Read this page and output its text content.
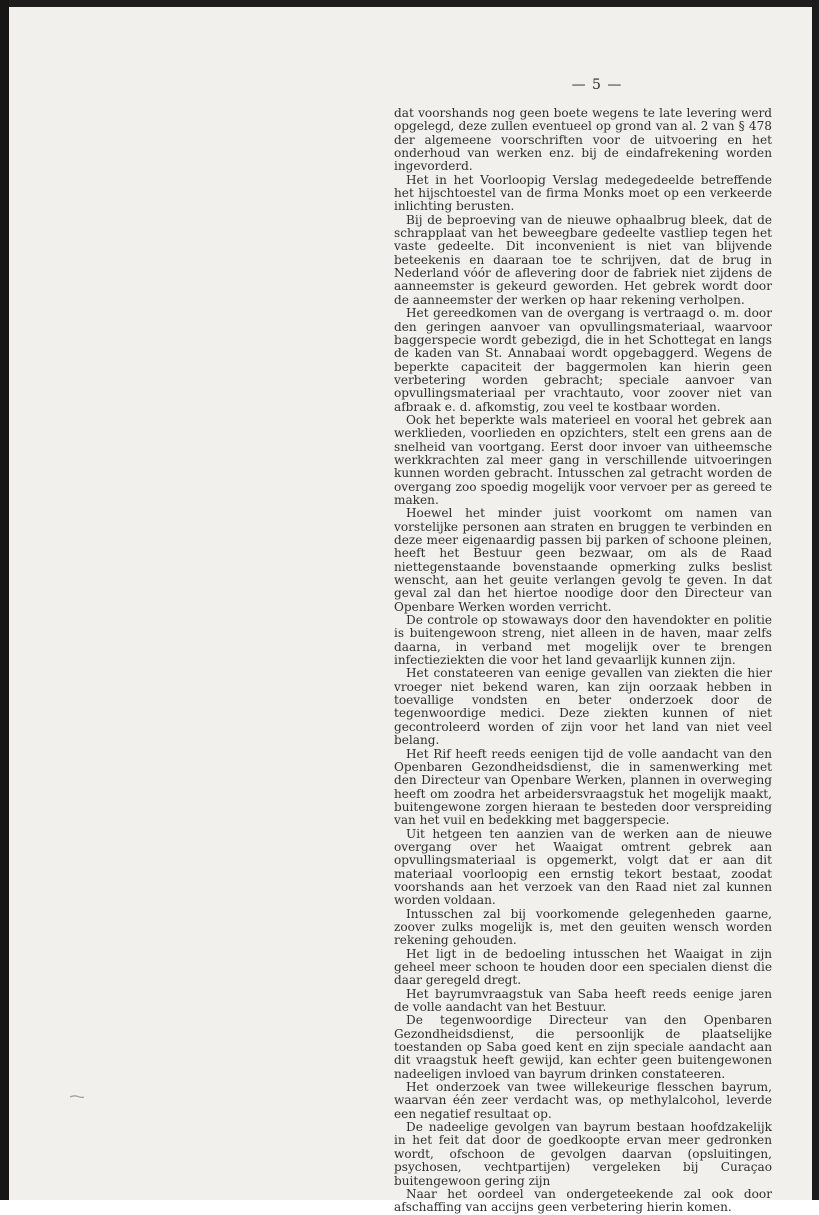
— 5 —

dat voorshands nog geen boete wegens te late levering werd opgelegd, deze zullen eventueel op grond van al. 2 van § 478 der algemeene voorschriften voor de uitvoering en het onderhoud van werken enz. bij de eindafrekening worden ingevorderd.

Het in het Voorloopig Verslag medegedeelde betreffende het hijschtoestel van de firma Monks moet op een verkeerde inlichting berusten.

Bij de beproeving van de nieuwe ophaalbrug bleek, dat de schrapplaat van het beweegbare gedeelte vastliep tegen het vaste gedeelte. Dit inconvenient is niet van blijvende beteekenis en daaraan toe te schrijven, dat de brug in Nederland vóór de aflevering door de fabriek niet zijdens de aanneemster is gekeurd geworden. Het gebrek wordt door de aanneemster der werken op haar rekening verholpen.

Het gereedkomen van de overgang is vertraagd o. m. door den geringen aanvoer van opvullingsmateriaal, waarvoor baggerspecie wordt gebezigd, die in het Schottegat en langs de kaden van St. Annabaai wordt opgebaggerd. Wegens de beperkte capaciteit der baggermolen kan hierin geen verbetering worden gebracht; speciale aanvoer van opvullingsmateriaal per vrachtauto, voor zoover niet van afbraak e. d. afkomstig, zou veel te kostbaar worden.

Ook het beperkte wals materieel en vooral het gebrek aan werklieden, voorlieden en opzichters, stelt een grens aan de snelheid van voortgang. Eerst door invoer van uitheemsche werkkrachten zal meer gang in verschillende uitvoeringen kunnen worden gebracht. Intusschen zal getracht worden de overgang zoo spoedig mogelijk voor vervoer per as gereed te maken.

Hoewel het minder juist voorkomt om namen van vorstelijke personen aan straten en bruggen te verbinden en deze meer eigenaardig passen bij parken of schoone pleinen, heeft het Bestuur geen bezwaar, om als de Raad niettegenstaande bovenstaande opmerking zulks beslist wenscht, aan het geuite verlangen gevolg te geven. In dat geval zal dan het hiertoe noodige door den Directeur van Openbare Werken worden verricht.

De controle op stowaways door den havendokter en politie is buitengewoon streng, niet alleen in de haven, maar zelfs daarna, in verband met mogelijk over te brengen infectieziekten die voor het land gevaarlijk kunnen zijn.

Het constateeren van eenige gevallen van ziekten die hier vroeger niet bekend waren, kan zijn oorzaak hebben in toevallige vondsten en beter onderzoek door de tegenwoordige medici. Deze ziekten kunnen of niet gecontroleerd worden of zijn voor het land van niet veel belang.

Het Rif heeft reeds eenigen tijd de volle aandacht van den Openbaren Gezondheidsdienst, die in samenwerking met den Directeur van Openbare Werken, plannen in overweging heeft om zoodra het arbeidersvraagstuk het mogelijk maakt, buitengewone zorgen hieraan te besteden door verspreiding van het vuil en bedekking met baggerspecie.

Uit hetgeen ten aanzien van de werken aan de nieuwe overgang over het Waaigat omtrent gebrek aan opvullingsmateriaal is opgemerkt, volgt dat er aan dit materiaal voorloopig een ernstig tekort bestaat, zoodat voorshands aan het verzoek van den Raad niet zal kunnen worden voldaan.

Intusschen zal bij voorkomende gelegenheden gaarne, zoover zulks mogelijk is, met den geuiten wensch worden rekening gehouden.

Het ligt in de bedoeling intusschen het Waaigat in zijn geheel meer schoon te houden door een specialen dienst die daar geregeld dregt.

Het bayrumvraagstuk van Saba heeft reeds eenige jaren de volle aandacht van het Bestuur.

De tegenwoordige Directeur van den Openbaren Gezondheidsdienst, die persoonlijk de plaatselijke toestanden op Saba goed kent en zijn speciale aandacht aan dit vraagstuk heeft gewijd, kan echter geen buitengewonen nadeeligen invloed van bayrum drinken constateeren.

Het onderzoek van twee willekeurige flesschen bayrum, waarvan één zeer verdacht was, op methylalcohol, leverde een negatief resultaat op.

De nadeelige gevolgen van bayrum bestaan hoofdzakelijk in het feit dat door de goedkoopte ervan meer gedronken wordt, ofschoon de gevolgen daarvan (opsluitingen, psychosen, vechtpartijen) vergeleken bij Curaçao buitengewoon gering zijn

Naar het oordeel van ondergeteekende zal ook door afschaffing van accijns geen verbetering hierin komen.
